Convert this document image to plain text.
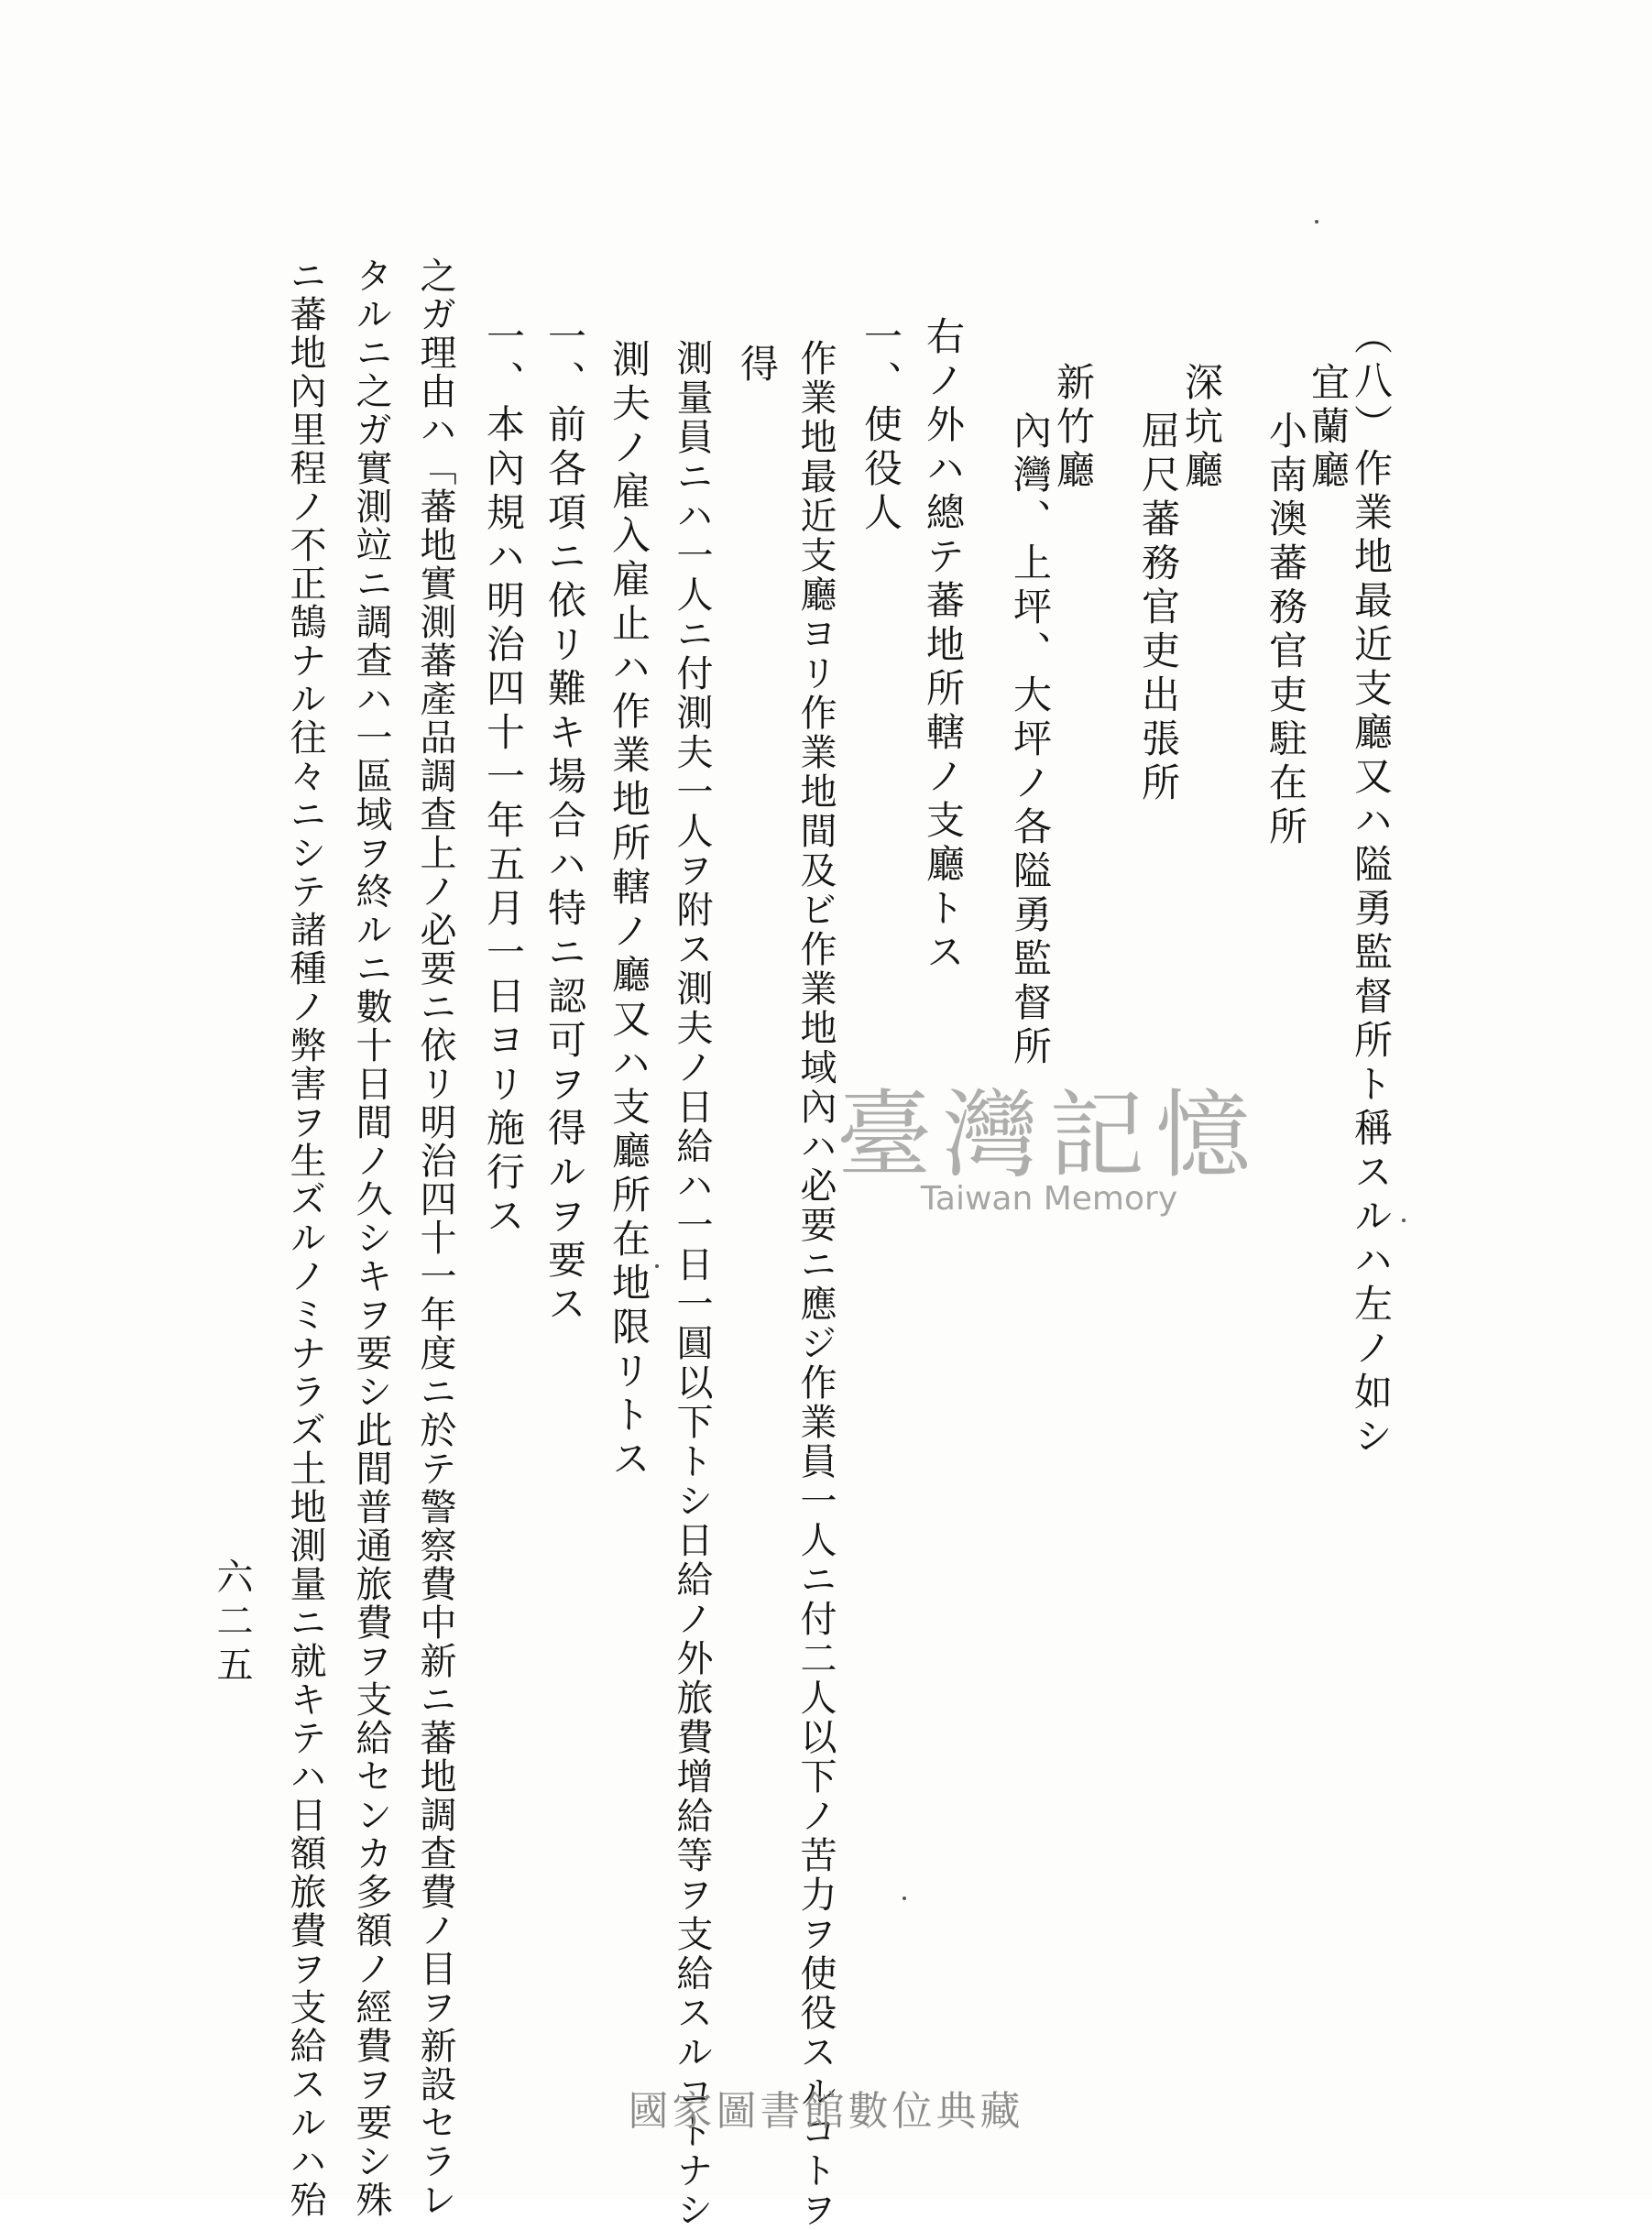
（八）作業地最近支廳又ハ隘勇監督所ト稱スルハ左ノ如シ
宜蘭廳
小南澳蕃務官吏駐在所
深坑廳
屈尺蕃務官吏出張所
新竹廳
內灣、上坪、大坪ノ各隘勇監督所
右ノ外ハ總テ蕃地所轄ノ支廳トス
一、使役人
作業地最近支廳ヨリ作業地間及ビ作業地域內ハ必要ニ應ジ作業員一人ニ付二人以下ノ苦力ヲ使役スルコトヲ
得
測量員ニハ一人ニ付測夫一人ヲ附ス測夫ノ日給ハ一日一圓以下トシ日給ノ外旅費增給等ヲ支給スルコトナシ
測夫ノ雇入雇止ハ作業地所轄ノ廳又ハ支廳所在地限リトス
一、前各項ニ依リ難キ場合ハ特ニ認可ヲ得ルヲ要ス
一、本內規ハ明治四十一年五月一日ヨリ施行ス
之ガ理由ハ「蕃地實測蕃產品調查上ノ必要ニ依リ明治四十一年度ニ於テ警察費中新ニ蕃地調查費ノ目ヲ新設セラレ
タルニ之ガ實測竝ニ調查ハ一區域ヲ終ルニ數十日間ノ久シキヲ要シ此間普通旅費ヲ支給センカ多額ノ經費ヲ要シ殊
ニ蕃地內里程ノ不正鵠ナル往々ニシテ諸種ノ弊害ヲ生ズルノミナラズ土地測量ニ就キテハ日額旅費ヲ支給スルハ殆
六二五
臺灣記憶
Taiwan Memory
國家圖書館數位典藏
